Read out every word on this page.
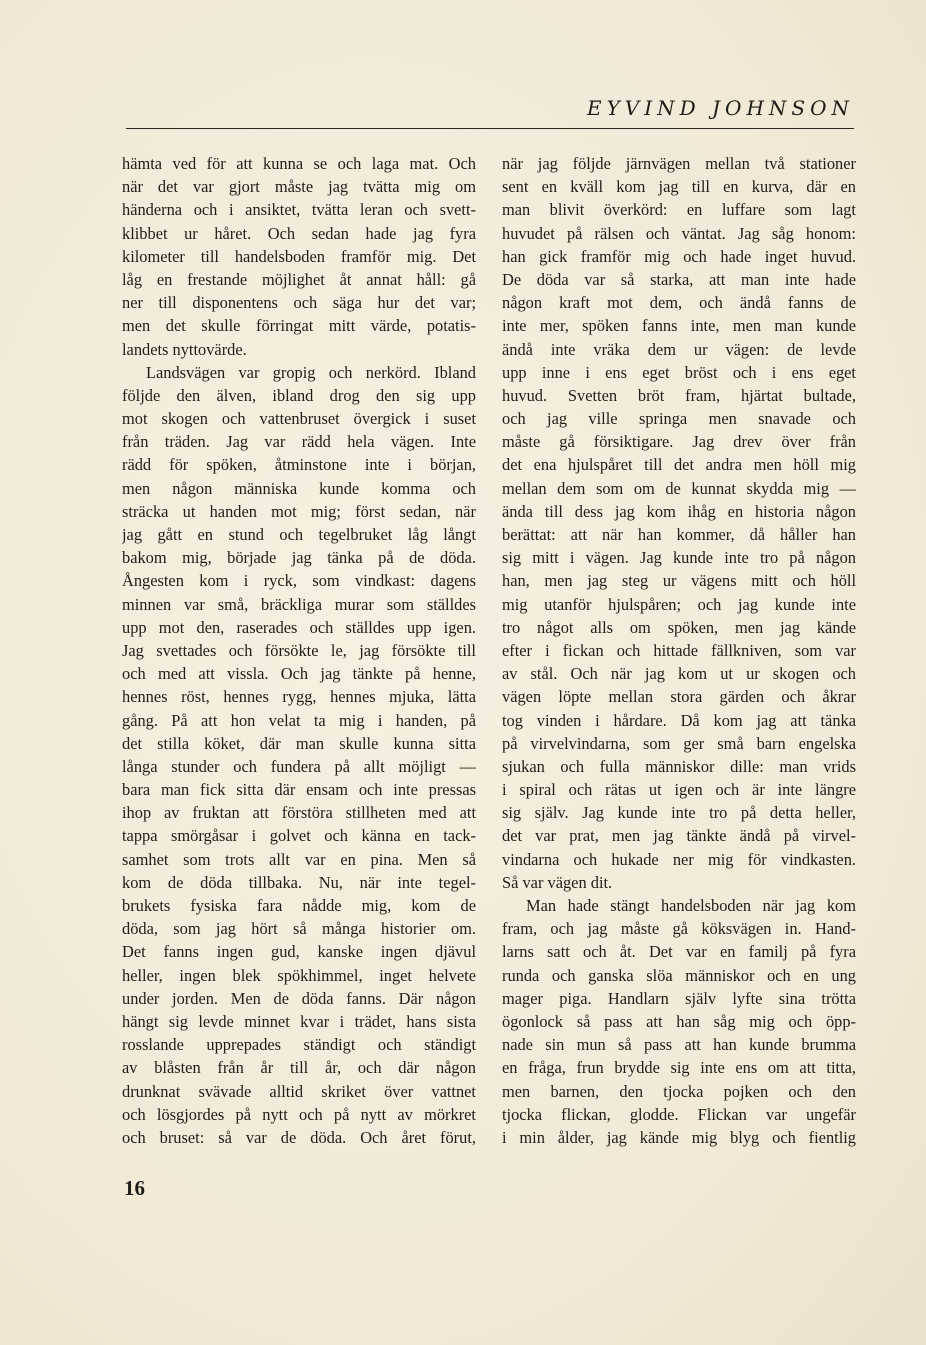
EYVIND JOHNSON
hämta ved för att kunna se och laga mat. Och
när det var gjort måste jag tvätta mig om
händerna och i ansiktet, tvätta leran och svett-
klibbet ur håret. Och sedan hade jag fyra
kilometer till handelsboden framför mig. Det
låg en frestande möjlighet åt annat håll: gå
ner till disponentens och säga hur det var;
men det skulle förringat mitt värde, potatis-
landets nyttovärde.
Landsvägen var gropig och nerkörd. Ibland
följde den älven, ibland drog den sig upp
mot skogen och vattenbruset övergick i suset
från träden. Jag var rädd hela vägen. Inte
rädd för spöken, åtminstone inte i början,
men någon människa kunde komma och
sträcka ut handen mot mig; först sedan, när
jag gått en stund och tegelbruket låg långt
bakom mig, började jag tänka på de döda.
Ångesten kom i ryck, som vindkast: dagens
minnen var små, bräckliga murar som ställdes
upp mot den, raserades och ställdes upp igen.
Jag svettades och försökte le, jag försökte till
och med att vissla. Och jag tänkte på henne,
hennes röst, hennes rygg, hennes mjuka, lätta
gång. På att hon velat ta mig i handen, på
det stilla köket, där man skulle kunna sitta
långa stunder och fundera på allt möjligt —
bara man fick sitta där ensam och inte pressas
ihop av fruktan att förstöra stillheten med att
tappa smörgåsar i golvet och känna en tack-
samhet som trots allt var en pina. Men så
kom de döda tillbaka. Nu, när inte tegel-
brukets fysiska fara nådde mig, kom de
döda, som jag hört så många historier om.
Det fanns ingen gud, kanske ingen djävul
heller, ingen blek spökhimmel, inget helvete
under jorden. Men de döda fanns. Där någon
hängt sig levde minnet kvar i trädet, hans sista
rosslande upprepades ständigt och ständigt
av blåsten från år till år, och där någon
drunknat svävade alltid skriket över vattnet
och lösgjordes på nytt och på nytt av mörkret
och bruset: så var de döda. Och året förut,
när jag följde järnvägen mellan två stationer
sent en kväll kom jag till en kurva, där en
man blivit överkörd: en luffare som lagt
huvudet på rälsen och väntat. Jag såg honom:
han gick framför mig och hade inget huvud.
De döda var så starka, att man inte hade
någon kraft mot dem, och ändå fanns de
inte mer, spöken fanns inte, men man kunde
ändå inte vräka dem ur vägen: de levde
upp inne i ens eget bröst och i ens eget
huvud. Svetten bröt fram, hjärtat bultade,
och jag ville springa men snavade och
måste gå försiktigare. Jag drev över från
det ena hjulspåret till det andra men höll mig
mellan dem som om de kunnat skydda mig —
ända till dess jag kom ihåg en historia någon
berättat: att när han kommer, då håller han
sig mitt i vägen. Jag kunde inte tro på någon
han, men jag steg ur vägens mitt och höll
mig utanför hjulspåren; och jag kunde inte
tro något alls om spöken, men jag kände
efter i fickan och hittade fällkniven, som var
av stål. Och när jag kom ut ur skogen och
vägen löpte mellan stora gärden och åkrar
tog vinden i hårdare. Då kom jag att tänka
på virvelvindarna, som ger små barn engelska
sjukan och fulla människor dille: man vrids
i spiral och rätas ut igen och är inte längre
sig själv. Jag kunde inte tro på detta heller,
det var prat, men jag tänkte ändå på virvel-
vindarna och hukade ner mig för vindkasten.
Så var vägen dit.
Man hade stängt handelsboden när jag kom
fram, och jag måste gå köksvägen in. Hand-
larns satt och åt. Det var en familj på fyra
runda och ganska slöa människor och en ung
mager piga. Handlarn själv lyfte sina trötta
ögonlock så pass att han såg mig och öpp-
nade sin mun så pass att han kunde brumma
en fråga, frun brydde sig inte ens om att titta,
men barnen, den tjocka pojken och den
tjocka flickan, glodde. Flickan var ungefär
i min ålder, jag kände mig blyg och fientlig
16
